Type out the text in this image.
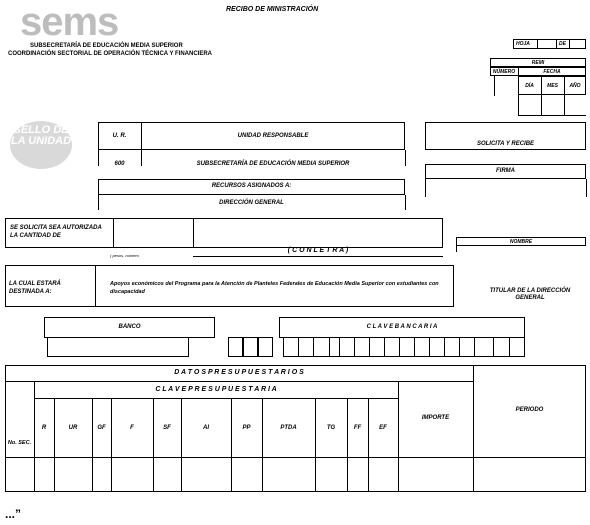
sems	RECIBO DE MINISTRACIÓN
SUBSECRETARÍA DE EDUCACIÓN MEDIA SUPERIOR
COORDINACIÓN SECTORIAL DE OPERACIÓN TÉCNICA Y FINANCIERA
HOJA	DE
REMI
NÚMERO	FECHA
DÍA	MES	AÑO
SELLO DE LA UNIDAD	U. R.	UNIDAD RESPONSABLE
600	SUBSECRETARÍA DE EDUCACIÓN MEDIA SUPERIOR
RECURSOS ASIGNADOS A:
DIRECCIÓN GENERAL
SOLICITA Y RECIBE
FIRMA
NOMBRE
TITULAR DE LA DIRECCIÓN GENERAL
SE SOLICITA SEA AUTORIZADA LA CANTIDAD DE
( pesos, número
( C O N L E T R A )
LA CUAL ESTARÁ DESTINADA A:
Apoyos económicos del Programa para la Atención de Planteles Federales de Educación Media Superior con estudiantes con discapacidad
BANCO	C L A V E B A N C A R I A
D A T O S P R E S U P U E S T A R I O S
C L A V E P R E S U P U E S T A R I A
No. SEC.
R	UR	GF	F	SF	AI	PP	PTDA	TG	FF	EF
IMPORTE
PERIODO
...”
